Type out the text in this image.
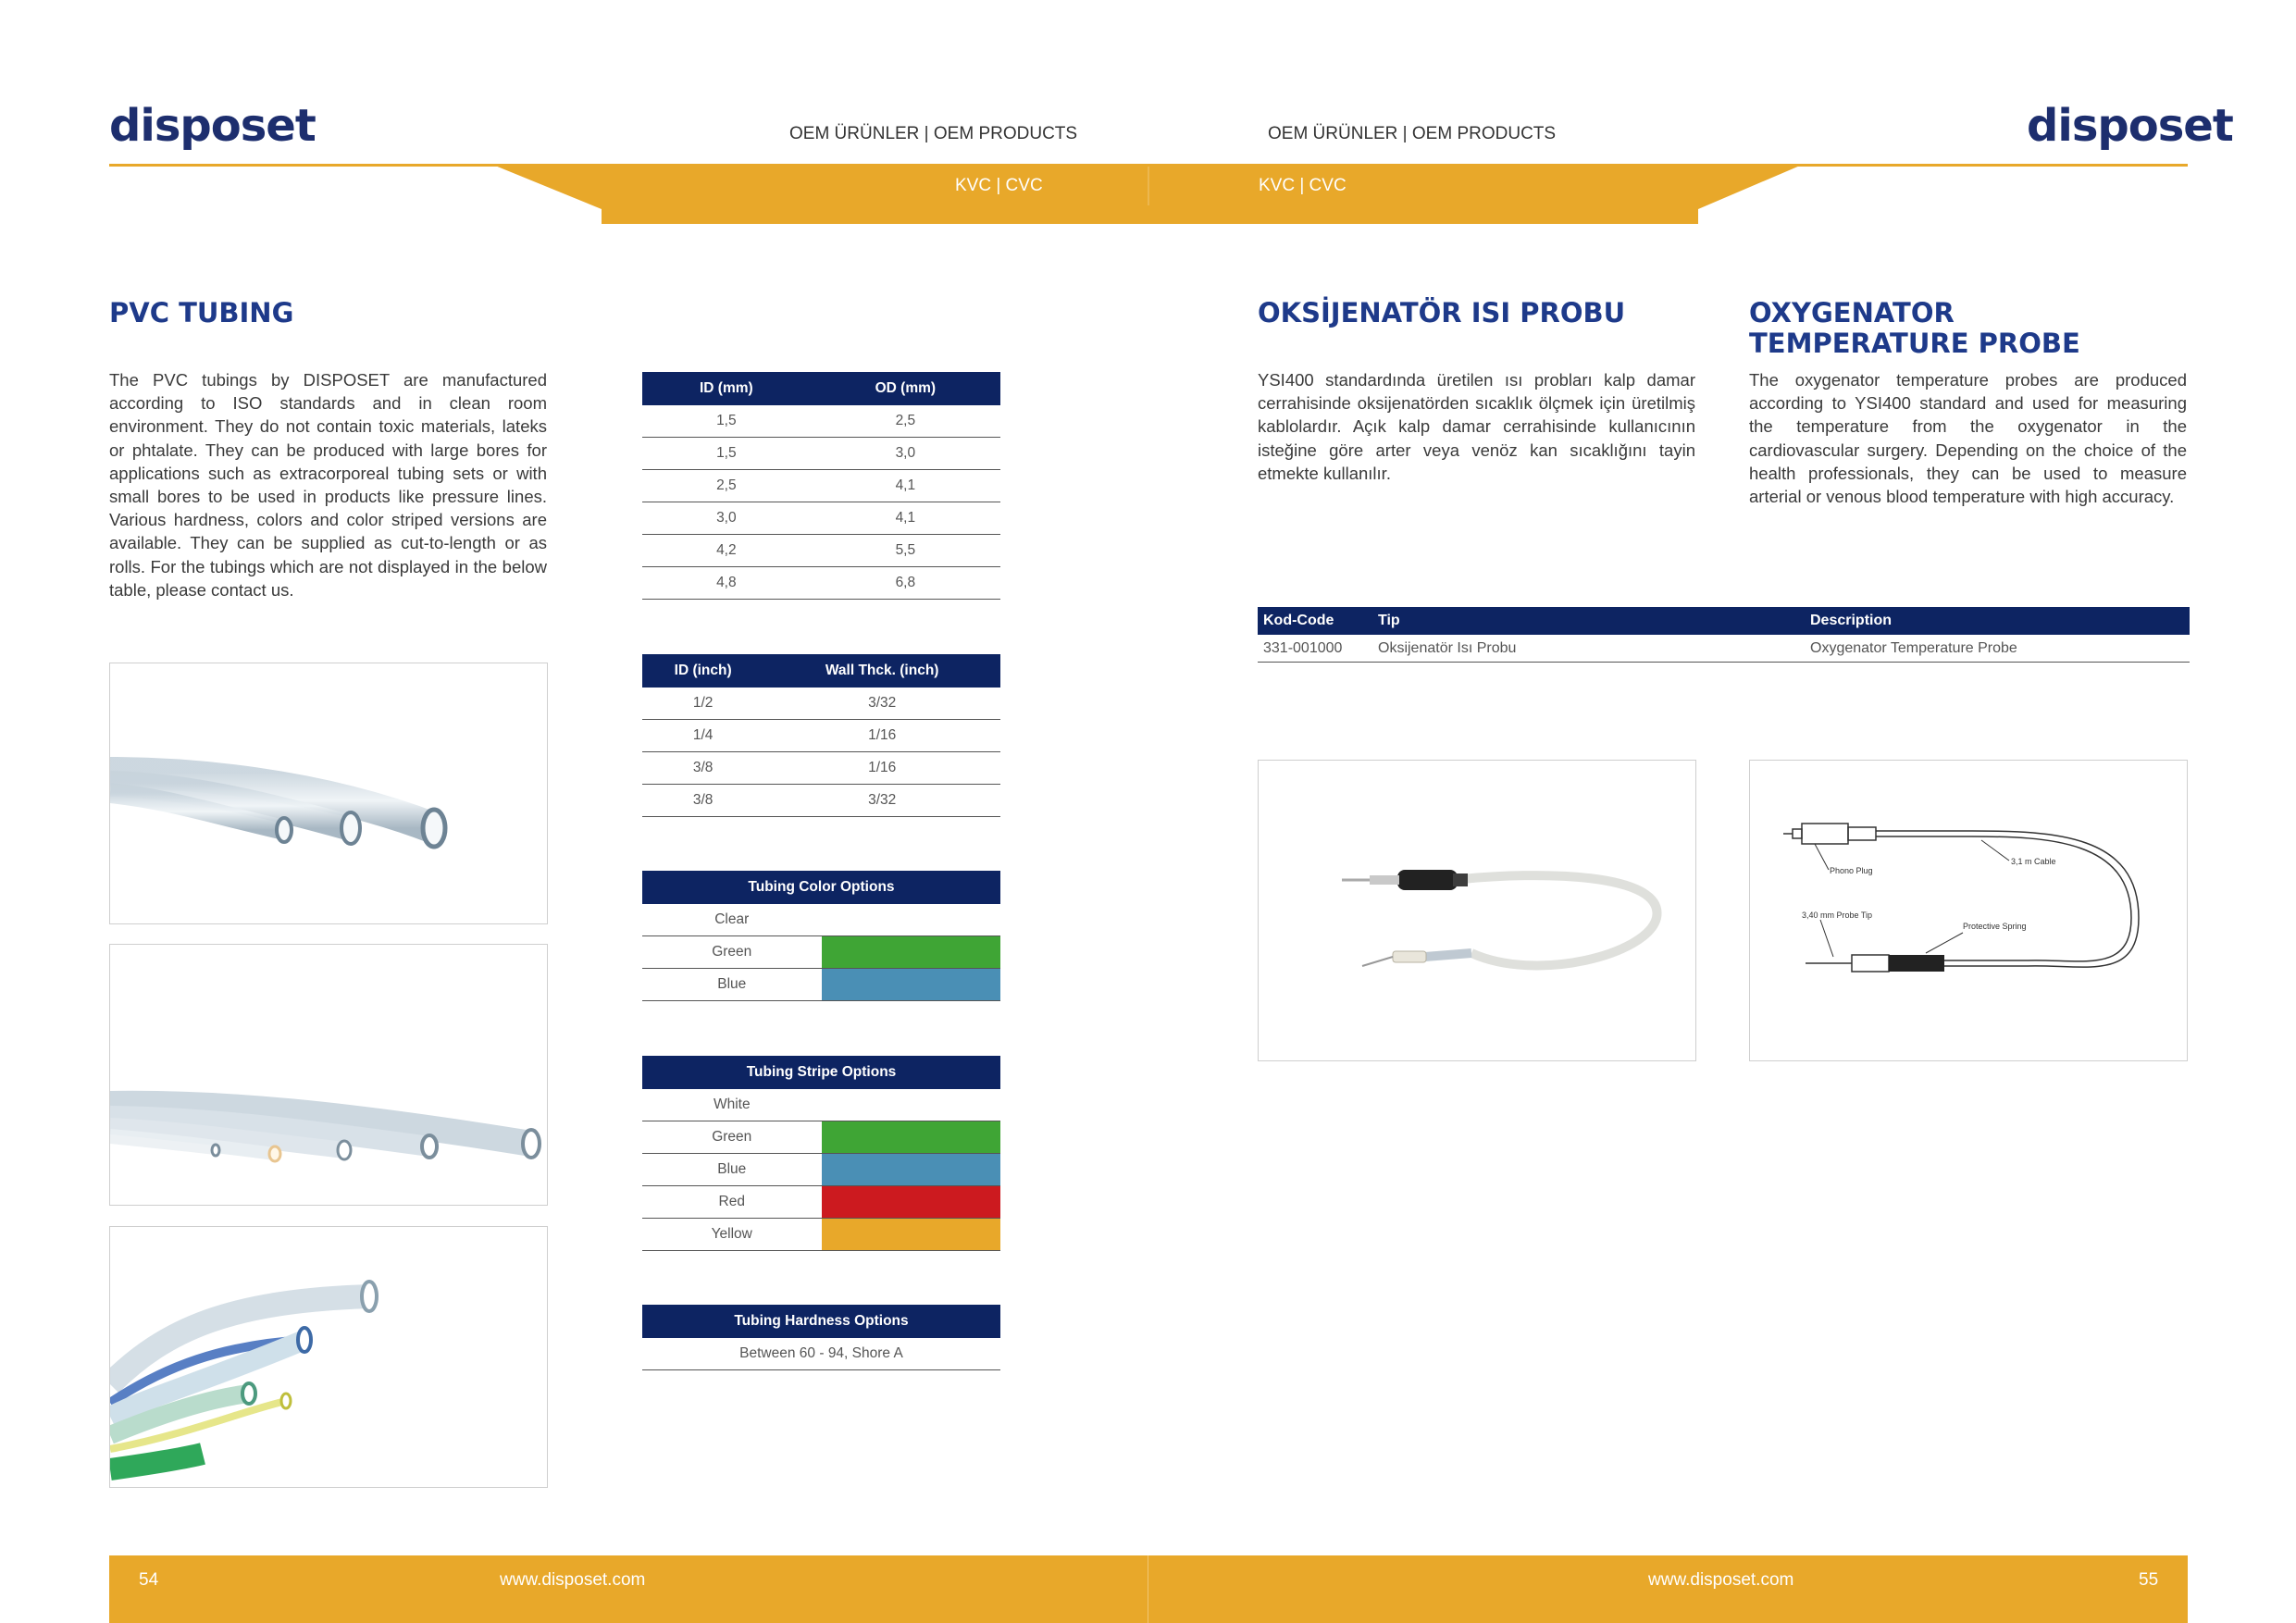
disposet	disposet
OEM ÜRÜNLER | OEM PRODUCTS	OEM ÜRÜNLER | OEM PRODUCTS
KVC | CVC	KVC | CVC
PVC TUBING
The PVC tubings by DISPOSET are manufactured according to ISO standards and in clean room environment. They do not contain toxic materials, lateks or phtalate. They can be produced with large bores for applications such as extracorporeal tubing sets or with small bores to be used in products like pressure lines. Various hardness, colors and color striped versions are available. They can be supplied as cut-to-length or as rolls. For the tubings which are not displayed in the below table, please contact us.
ID (mm)	OD (mm)
1,5	2,5
1,5	3,0
2,5	4,1
3,0	4,1
4,2	5,5
4,8	6,8
ID (inch)	Wall Thck. (inch)
1/2	3/32
1/4	1/16
3/8	1/16
3/8	3/32
Tubing Color Options	
Clear	
Green	
Blue	
Tubing Stripe Options	
White	
Green	
Blue	
Red	
Yellow	
Tubing Hardness Options
Between 60 - 94, Shore A
OKSİJENATÖR ISI PROBU	OXYGENATOR
TEMPERATURE PROBE
YSI400 standardında üretilen ısı probları kalp damar cerrahisinde oksijenatörden sıcaklık ölçmek için üretilmiş kablolardır. Açık kalp damar cerrahisinde kullanıcının isteğine göre arter veya venöz kan sıcaklığını tayin etmekte kullanılır.
The oxygenator temperature probes are produced according to YSI400 standard and used for measuring the temperature from the oxygenator in the cardiovascular surgery. Depending on the choice of the health professionals, they can be used to measure arterial or venous blood temperature with high accuracy.
Kod-Code	Tip	Description
331-001000	Oksijenatör Isı Probu	Oxygenator Temperature Probe
Phono Plug
3,1 m Cable
3,40 mm Probe Tip
Protective Spring
54	www.disposet.com	www.disposet.com	55
